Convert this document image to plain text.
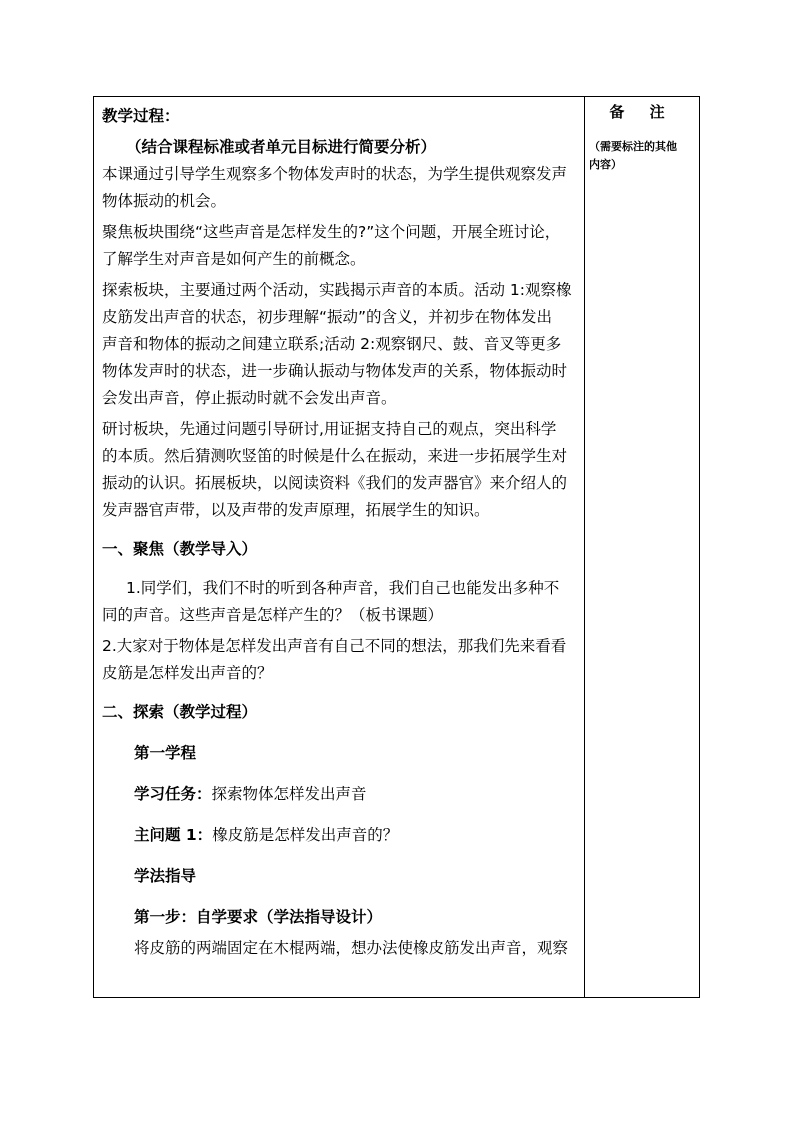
教学过程：

（结合课程标准或者单元目标进行简要分析）

本课通过引导学生观察多个物体发声时的状态，为学生提供观察发声

物体振动的机会。

聚焦板块围绕“这些声音是怎样发生的?”这个问题，开展全班讨论，

了解学生对声音是如何产生的前概念。

探索板块，主要通过两个活动，实践揭示声音的本质。活动 1:观察橡

皮筋发出声音的状态，初步理解“振动”的含义，并初步在物体发出

声音和物体的振动之间建立联系;活动 2:观察钢尺、鼓、音叉等更多

物体发声时的状态，进一步确认振动与物体发声的关系，物体振动时

会发出声音，停止振动时就不会发出声音。

研讨板块，先通过问题引导研讨,用证据支持自己的观点，突出科学

的本质。然后猜测吹竖笛的时候是什么在振动，来进一步拓展学生对

振动的认识。拓展板块，以阅读资料《我们的发声器官》来介绍人的

发声器官声带，以及声带的发声原理，拓展学生的知识。

一、聚焦（教学导入）

1.同学们，我们不时的听到各种声音，我们自己也能发出多种不

同的声音。这些声音是怎样产生的？（板书课题）

2.大家对于物体是怎样发出声音有自己不同的想法，那我们先来看看

皮筋是怎样发出声音的？

二、探索（教学过程）

第一学程

学习任务：探索物体怎样发出声音

主问题 1：橡皮筋是怎样发出声音的？

学法指导

第一步：自学要求（学法指导设计）

将皮筋的两端固定在木棍两端，想办法使橡皮筋发出声音，观察

备 注

（需要标注的其他
内容）
